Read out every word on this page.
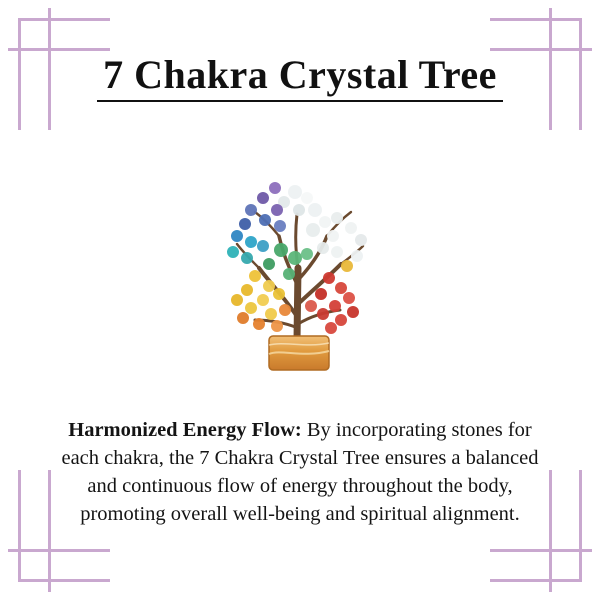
7 Chakra Crystal Tree

Harmonized Energy Flow: By incorporating stones for each chakra, the 7 Chakra Crystal Tree ensures a balanced and continuous flow of energy throughout the body, promoting overall well-being and spiritual alignment.
